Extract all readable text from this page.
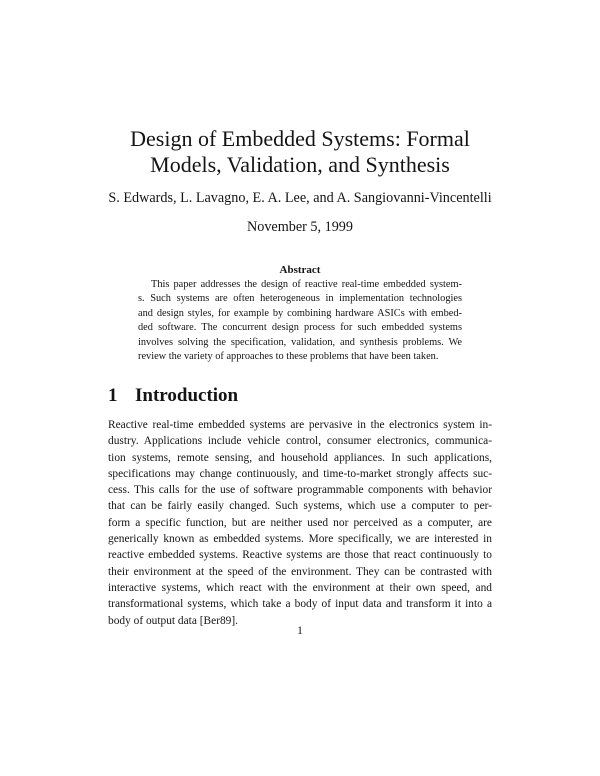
Design of Embedded Systems: Formal
Models, Validation, and Synthesis
S. Edwards, L. Lavagno, E. A. Lee, and A. Sangiovanni-Vincentelli
November 5, 1999
Abstract
This paper addresses the design of reactive real-time embedded system-
s. Such systems are often heterogeneous in implementation technologies
and design styles, for example by combining hardware ASICs with embed-
ded software. The concurrent design process for such embedded systems
involves solving the specification, validation, and synthesis problems. We
review the variety of approaches to these problems that have been taken.
1 Introduction
Reactive real-time embedded systems are pervasive in the electronics system in-
dustry. Applications include vehicle control, consumer electronics, communica-
tion systems, remote sensing, and household appliances. In such applications,
specifications may change continuously, and time-to-market strongly affects suc-
cess. This calls for the use of software programmable components with behavior
that can be fairly easily changed. Such systems, which use a computer to per-
form a specific function, but are neither used nor perceived as a computer, are
generically known as embedded systems. More specifically, we are interested in
reactive embedded systems. Reactive systems are those that react continuously to
their environment at the speed of the environment. They can be contrasted with
interactive systems, which react with the environment at their own speed, and
transformational systems, which take a body of input data and transform it into a
body of output data [Ber89].
1
